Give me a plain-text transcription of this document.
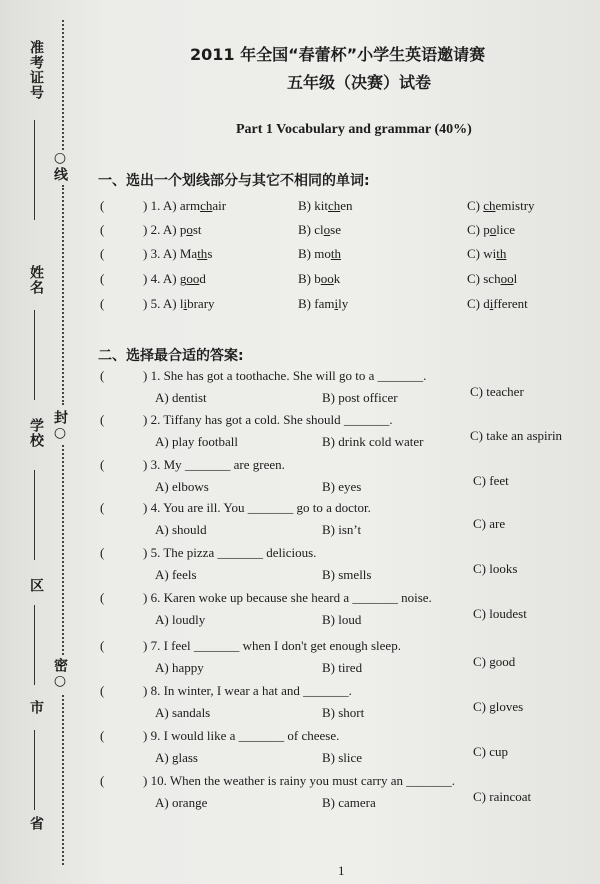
准考证号
○线
姓名
学校 封○
区
密○
市
省
2011 年全国“春蕾杯”小学生英语邀请赛
五年级（决赛）试卷
Part 1 Vocabulary and grammar (40%)
一、选出一个划线部分与其它不相同的单词:
(	) 1. A) armchair	B) kitchen	C) chemistry
(	) 2. A) post	B) close	C) police
(	) 3. A) Maths	B) moth	C) with
(	) 4. A) good	B) book	C) school
(	) 5. A) library	B) family	C) different
二、选择最合适的答案:
(	) 1. She has got a toothache. She will go to a _______.
A) dentist	B) post officer	C) teacher
(	) 2. Tiffany has got a cold. She should _______.
A) play football	B) drink cold water	C) take an aspirin
(	) 3. My _______ are green.
A) elbows	B) eyes	C) feet
(	) 4. You are ill. You _______ go to a doctor.
A) should	B) isn’t	C) are
(	) 5. The pizza _______ delicious.
A) feels	B) smells	C) looks
(	) 6. Karen woke up because she heard a _______ noise.
A) loudly	B) loud	C) loudest
(	) 7. I feel _______ when I don't get enough sleep.
A) happy	B) tired	C) good
(	) 8. In winter, I wear a hat and _______.
A) sandals	B) short	C) gloves
(	) 9. I would like a _______ of cheese.
A) glass	B) slice	C) cup
(	) 10. When the weather is rainy you must carry an _______.
A) orange	B) camera	C) raincoat
1
